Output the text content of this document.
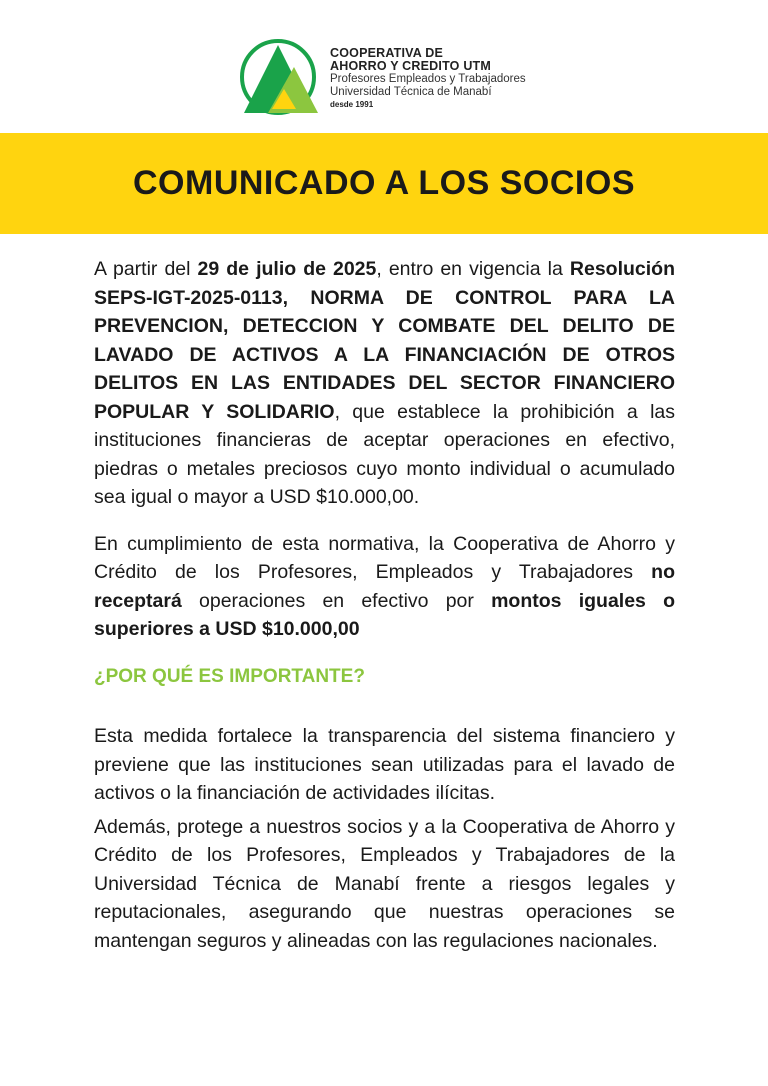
COOPERATIVA DE
AHORRO Y CREDITO UTM
Profesores Empleados y Trabajadores
Universidad Técnica de Manabí
desde 1991
COMUNICADO A LOS SOCIOS

A partir del 29 de julio de 2025, entro en vigencia la Resolución SEPS-IGT-2025-0113, NORMA DE CONTROL PARA LA PREVENCION, DETECCION Y COMBATE DEL DELITO DE LAVADO DE ACTIVOS A LA FINANCIACIÓN DE OTROS DELITOS EN LAS ENTIDADES DEL SECTOR FINANCIERO POPULAR Y SOLIDARIO, que establece la prohibición a las instituciones financieras de aceptar operaciones en efectivo, piedras o metales preciosos cuyo monto individual o acumulado sea igual o mayor a USD $10.000,00.

En cumplimiento de esta normativa, la Cooperativa de Ahorro y Crédito de los Profesores, Empleados y Trabajadores no receptará operaciones en efectivo por montos iguales o superiores a USD $10.000,00

¿POR QUÉ ES IMPORTANTE?

Esta medida fortalece la transparencia del sistema financiero y previene que las instituciones sean utilizadas para el lavado de activos o la financiación de actividades ilícitas.

Además, protege a nuestros socios y a la Cooperativa de Ahorro y Crédito de los Profesores, Empleados y Trabajadores de la Universidad Técnica de Manabí frente a riesgos legales y reputacionales, asegurando que nuestras operaciones se mantengan seguros y alineadas con las regulaciones nacionales.
